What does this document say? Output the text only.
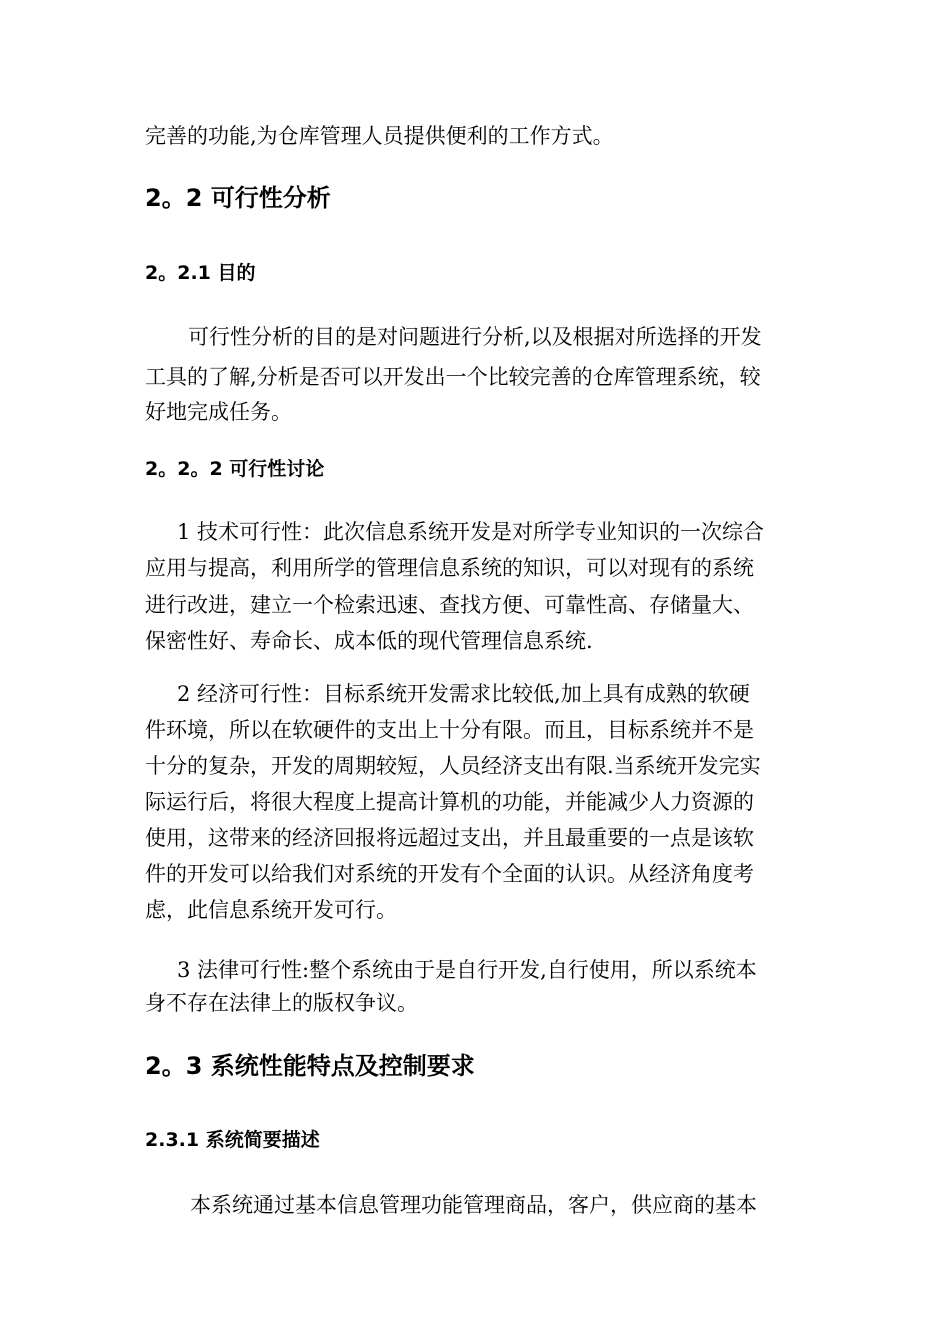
完善的功能,为仓库管理人员提供便利的工作方式。
2。2 可行性分析
2。2.1 目的
可行性分析的目的是对问题进行分析,以及根据对所选择的开发
工具的了解,分析是否可以开发出一个比较完善的仓库管理系统，较
好地完成任务。
2。2。2 可行性讨论
1 技术可行性：此次信息系统开发是对所学专业知识的一次综合
应用与提高，利用所学的管理信息系统的知识，可以对现有的系统
进行改进，建立一个检索迅速、查找方便、可靠性高、存储量大、
保密性好、寿命长、成本低的现代管理信息系统.
2 经济可行性：目标系统开发需求比较低,加上具有成熟的软硬
件环境，所以在软硬件的支出上十分有限。而且，目标系统并不是
十分的复杂，开发的周期较短，人员经济支出有限.当系统开发完实
际运行后，将很大程度上提高计算机的功能，并能减少人力资源的
使用，这带来的经济回报将远超过支出，并且最重要的一点是该软
件的开发可以给我们对系统的开发有个全面的认识。从经济角度考
虑，此信息系统开发可行。
3 法律可行性:整个系统由于是自行开发,自行使用，所以系统本
身不存在法律上的版权争议。
2。3 系统性能特点及控制要求
2.3.1 系统简要描述
本系统通过基本信息管理功能管理商品，客户，供应商的基本
